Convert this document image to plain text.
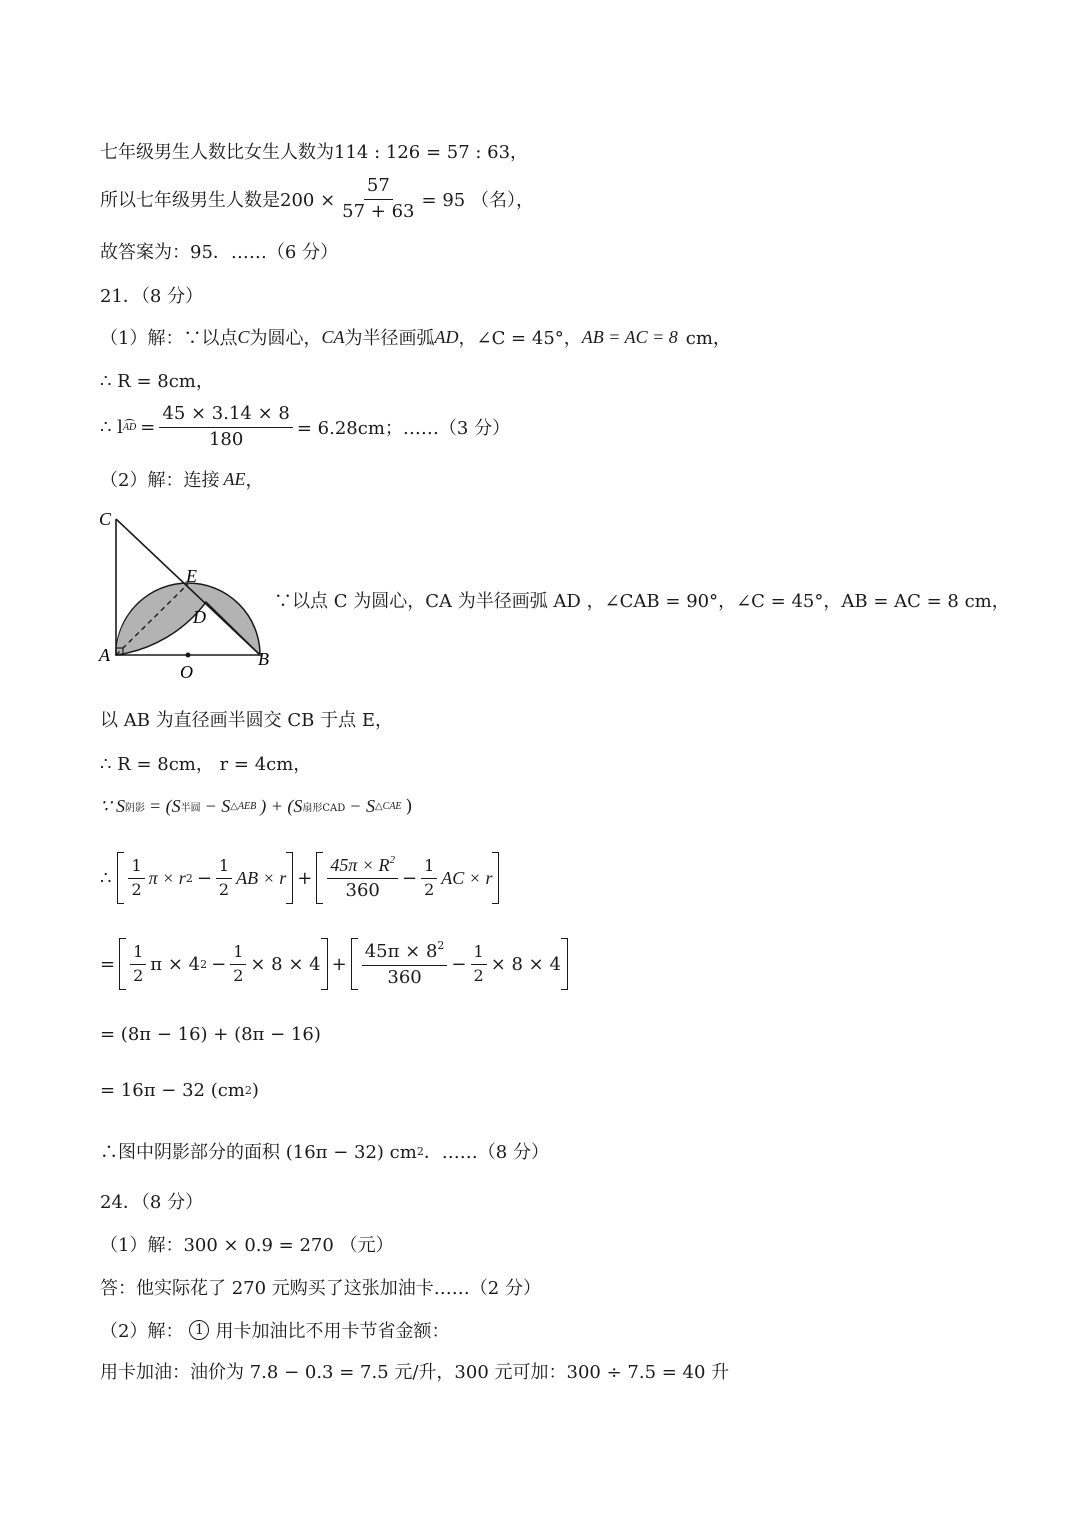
七年级男生人数比女生人数为114 : 126 = 57 : 63，
所以七年级男生人数是$200 \times \frac{57}{57 + 63} = 95$ （名），
故答案为：95．……（6 分）
21．（8 分）
（1）解：∵以点 C 为圆心， CA 为半径画弧 AD ，∠C = 45°， AB = AC = 8 cm，
∴ R = 8cm，
∴ l AD = $\frac{45 \times 3.14 \times 8}{180} = 6.28cm$；……（3 分）
（2）解：连接 AE ，
C
E
D
A
O
B
∵以点 C 为圆心，CA 为半径画弧 AD ，∠CAB = 90°，∠C = 45°，AB = AC = 8 cm，
以 AB 为直径画半圆交 CB 于点 E，
∴ R = 8cm， r = 4cm，
∵ S 阴影 = (S 半圆 − S △AEB ) + (S 扇形CAD − S △CAE )
∴ $\frac{1}{2}$ π × r $2 - \frac{1}{2}$ AB × $r + \frac{45\pi \times R^2}{360} - \frac{1}{2}$ AC × r
= $\frac{1}{2}$ π × 4 $2 - \frac{1}{2} \times 8 \times 4 + \frac{45\pi \times 8^2}{360} - \frac{1}{2} \times 8 \times 4$
= (8π − 16) + (8π − 16)
= 16π − 32 (cm 2 )
∴图中阴影部分的面积 (16π − 32) cm 2 ．……（8 分）
24．（8 分）
（1）解：300 × 0.9 = 270 （元）
答：他实际花了 270 元购买了这张加油卡……（2 分）
（2）解： 1 用卡加油比不用卡节省金额：
用卡加油：油价为 7.8 − 0.3 = 7.5 元/升，300 元可加：300 ÷ 7.5 = 40 升
